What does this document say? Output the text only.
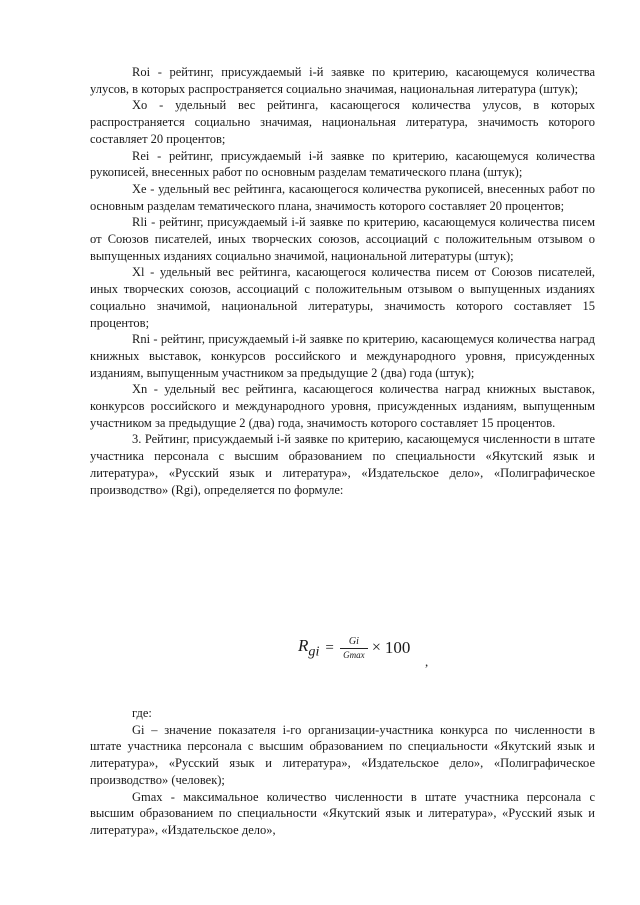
Roi - рейтинг, присуждаемый i-й заявке по критерию, касающемуся количества улусов, в которых распространяется социально значимая, национальная литература (штук);

Xo - удельный вес рейтинга, касающегося количества улусов, в которых распространяется социально значимая, национальная литература, значимость которого составляет 20 процентов;

Rei - рейтинг, присуждаемый i-й заявке по критерию, касающемуся количества рукописей, внесенных работ по основным разделам тематического плана (штук);

Xe - удельный вес рейтинга, касающегося количества рукописей, внесенных работ по основным разделам тематического плана, значимость которого составляет 20 процентов;

Rli - рейтинг, присуждаемый i-й заявке по критерию, касающемуся количества писем от Союзов писателей, иных творческих союзов, ассоциаций с положительным отзывом о выпущенных изданиях социально значимой, национальной литературы (штук);

Xl - удельный вес рейтинга, касающегося количества писем от Союзов писателей, иных творческих союзов, ассоциаций с положительным отзывом о выпущенных изданиях социально значимой, национальной литературы, значимость которого составляет 15 процентов;

Rni - рейтинг, присуждаемый i-й заявке по критерию, касающемуся количества наград книжных выставок, конкурсов российского и международного уровня, присужденных изданиям, выпущенным участником за предыдущие 2 (два) года (штук);

Xn - удельный вес рейтинга, касающегося количества наград книжных выставок, конкурсов российского и международного уровня, присужденных изданиям, выпущенным участником за предыдущие 2 (два) года, значимость которого составляет 15 процентов.

3. Рейтинг, присуждаемый i-й заявке по критерию, касающемуся численности в штате участника персонала с высшим образованием по специальности «Якутский язык и литература», «Русский язык и литература», «Издательское дело», «Полиграфическое производство» (Rgi), определяется по формуле:

$R_{gi} = \frac{Gi}{Gmax} \times 100$
,

где:

Gi – значение показателя i-го организации-участника конкурса по численности в штате участника персонала с высшим образованием по специальности «Якутский язык и литература», «Русский язык и литература», «Издательское дело», «Полиграфическое производство» (человек);

Gmax - максимальное количество численности в штате участника персонала с высшим образованием по специальности «Якутский язык и литература», «Русский язык и литература», «Издательское дело»,
